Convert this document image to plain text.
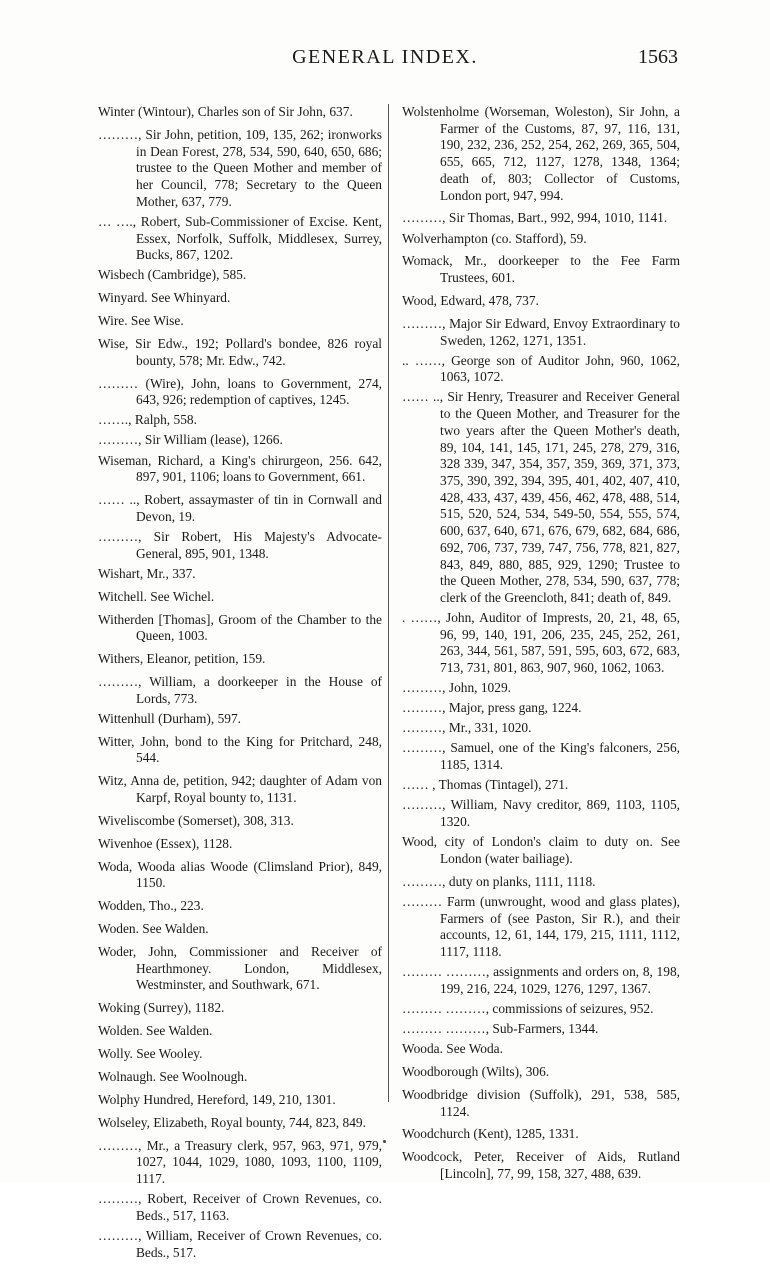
GENERAL INDEX.	1563

Winter (Wintour), Charles son of Sir John, 637.

………, Sir John, petition, 109, 135, 262; ironworks in Dean Forest, 278, 534, 590, 640, 650, 686; trustee to the Queen Mother and member of her Council, 778; Secretary to the Queen Mother, 637, 779.

… …., Robert, Sub-Commissioner of Excise. Kent, Essex, Norfolk, Suffolk, Middlesex, Surrey, Bucks, 867, 1202.

Wisbech (Cambridge), 585.

Winyard. See Whinyard.

Wire. See Wise.

Wise, Sir Edw., 192; Pollard's bondee, 826 royal bounty, 578; Mr. Edw., 742.

……… (Wire), John, loans to Government, 274, 643, 926; redemption of captives, 1245.

……., Ralph, 558.

………, Sir William (lease), 1266.

Wiseman, Richard, a King's chirurgeon, 256. 642, 897, 901, 1106; loans to Government, 661.

…… .., Robert, assaymaster of tin in Cornwall and Devon, 19.

………, Sir Robert, His Majesty's Advocate-General, 895, 901, 1348.

Wishart, Mr., 337.

Witchell. See Wichel.

Witherden [Thomas], Groom of the Chamber to the Queen, 1003.

Withers, Eleanor, petition, 159.

………, William, a doorkeeper in the House of Lords, 773.

Wittenhull (Durham), 597.

Witter, John, bond to the King for Pritchard, 248, 544.

Witz, Anna de, petition, 942; daughter of Adam von Karpf, Royal bounty to, 1131.

Wiveliscombe (Somerset), 308, 313.

Wivenhoe (Essex), 1128.

Woda, Wooda alias Woode (Climsland Prior), 849, 1150.

Wodden, Tho., 223.

Woden. See Walden.

Woder, John, Commissioner and Receiver of Hearthmoney. London, Middlesex, Westminster, and Southwark, 671.

Woking (Surrey), 1182.

Wolden. See Walden.

Wolly. See Wooley.

Wolnaugh. See Woolnough.

Wolphy Hundred, Hereford, 149, 210, 1301.

Wolseley, Elizabeth, Royal bounty, 744, 823, 849.

………, Mr., a Treasury clerk, 957, 963, 971, 979, 1027, 1044, 1029, 1080, 1093, 1100, 1109, 1117.

………, Robert, Receiver of Crown Revenues, co. Beds., 517, 1163.

………, William, Receiver of Crown Revenues, co. Beds., 517.

Wolstenholme (Worseman, Woleston), Sir John, a Farmer of the Customs, 87, 97, 116, 131, 190, 232, 236, 252, 254, 262, 269, 365, 504, 655, 665, 712, 1127, 1278, 1348, 1364; death of, 803; Collector of Customs, London port, 947, 994.

………, Sir Thomas, Bart., 992, 994, 1010, 1141.

Wolverhampton (co. Stafford), 59.

Womack, Mr., doorkeeper to the Fee Farm Trustees, 601.

Wood, Edward, 478, 737.

………, Major Sir Edward, Envoy Extraordinary to Sweden, 1262, 1271, 1351.

.. ……, George son of Auditor John, 960, 1062, 1063, 1072.

…… .., Sir Henry, Treasurer and Receiver General to the Queen Mother, and Treasurer for the two years after the Queen Mother's death, 89, 104, 141, 145, 171, 245, 278, 279, 316, 328 339, 347, 354, 357, 359, 369, 371, 373, 375, 390, 392, 394, 395, 401, 402, 407, 410, 428, 433, 437, 439, 456, 462, 478, 488, 514, 515, 520, 524, 534, 549-50, 554, 555, 574, 600, 637, 640, 671, 676, 679, 682, 684, 686, 692, 706, 737, 739, 747, 756, 778, 821, 827, 843, 849, 880, 885, 929, 1290; Trustee to the Queen Mother, 278, 534, 590, 637, 778; clerk of the Greencloth, 841; death of, 849.

. ……, John, Auditor of Imprests, 20, 21, 48, 65, 96, 99, 140, 191, 206, 235, 245, 252, 261, 263, 344, 561, 587, 591, 595, 603, 672, 683, 713, 731, 801, 863, 907, 960, 1062, 1063.

………, John, 1029.

………, Major, press gang, 1224.

………, Mr., 331, 1020.

………, Samuel, one of the King's falconers, 256, 1185, 1314.

…… , Thomas (Tintagel), 271.

………, William, Navy creditor, 869, 1103, 1105, 1320.

Wood, city of London's claim to duty on. See London (water bailiage).

………, duty on planks, 1111, 1118.

……… Farm (unwrought, wood and glass plates), Farmers of (see Paston, Sir R.), and their accounts, 12, 61, 144, 179, 215, 1111, 1112, 1117, 1118.

……… ………, assignments and orders on, 8, 198, 199, 216, 224, 1029, 1276, 1297, 1367.

……… ………, commissions of seizures, 952.

……… ………, Sub-Farmers, 1344.

Wooda. See Woda.

Woodborough (Wilts), 306.

Woodbridge division (Suffolk), 291, 538, 585, 1124.

Woodchurch (Kent), 1285, 1331.

Woodcock, Peter, Receiver of Aids, Rutland [Lincoln], 77, 99, 158, 327, 488, 639.
